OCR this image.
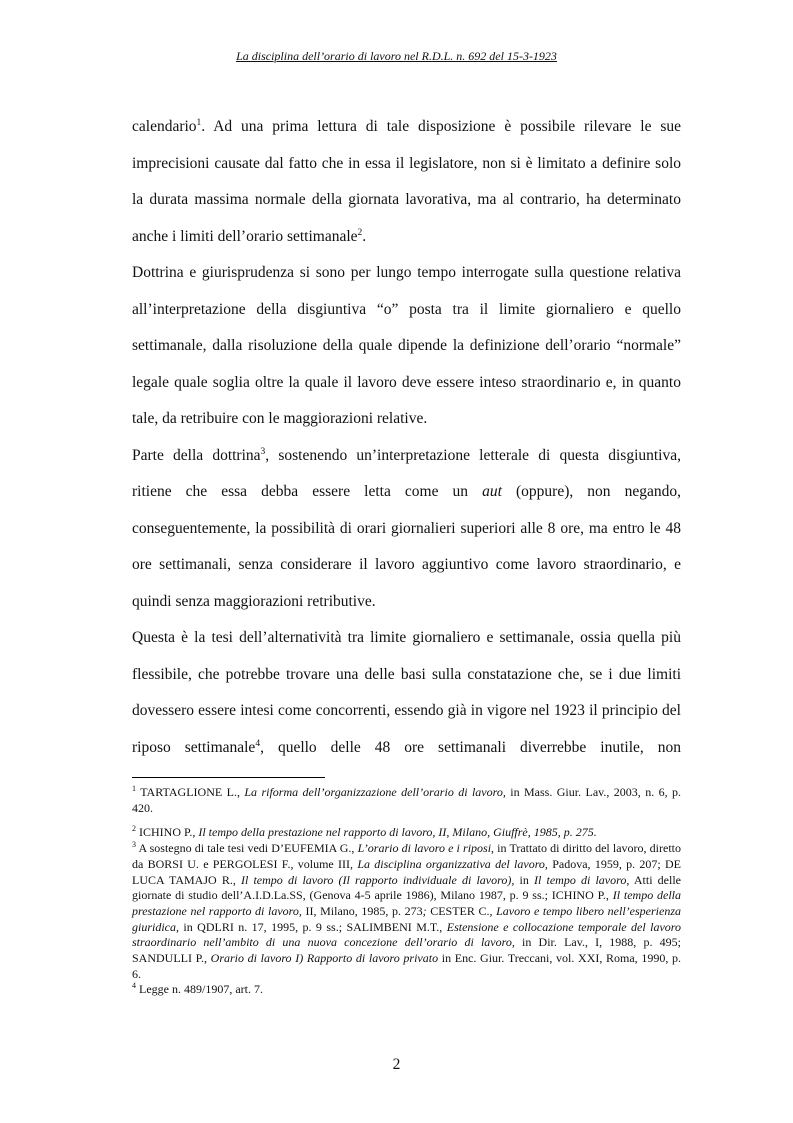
La disciplina dell’orario di lavoro nel R.D.L. n. 692 del 15-3-1923

calendario$^1$. Ad una prima lettura di tale disposizione è possibile rilevare le sue imprecisioni causate dal fatto che in essa il legislatore, non si è limitato a definire solo la durata massima normale della giornata lavorativa, ma al contrario, ha determinato anche i limiti dell’orario settimanale$^2$.

Dottrina e giurisprudenza si sono per lungo tempo interrogate sulla questione relativa all’interpretazione della disgiuntiva “o” posta tra il limite giornaliero e quello settimanale, dalla risoluzione della quale dipende la definizione dell’orario “normale” legale quale soglia oltre la quale il lavoro deve essere inteso straordinario e, in quanto tale, da retribuire con le maggiorazioni relative.

Parte della dottrina$^3$, sostenendo un’interpretazione letterale di questa disgiuntiva, ritiene che essa debba essere letta come un aut (oppure), non negando, conseguentemente, la possibilità di orari giornalieri superiori alle 8 ore, ma entro le 48 ore settimanali, senza considerare il lavoro aggiuntivo come lavoro straordinario, e quindi senza maggiorazioni retributive.

Questa è la tesi dell’alternatività tra limite giornaliero e settimanale, ossia quella più flessibile, che potrebbe trovare una delle basi sulla constatazione che, se i due limiti dovessero essere intesi come concorrenti, essendo già in vigore nel 1923 il principio del riposo settimanale$^4$, quello delle 48 ore settimanali diverrebbe inutile, non

$^1$ TARTAGLIONE L., La riforma dell’organizzazione dell’orario di lavoro, in Mass. Giur. Lav., 2003, n. 6, p. 420.

$^2$ ICHINO P., Il tempo della prestazione nel rapporto di lavoro, II, Milano, Giuffrè, 1985, p. 275.

$^3$ A sostegno di tale tesi vedi D’EUFEMIA G., L’orario di lavoro e i riposi, in Trattato di diritto del lavoro, diretto da BORSI U. e PERGOLESI F., volume III, La disciplina organizzativa del lavoro, Padova, 1959, p. 207; DE LUCA TAMAJO R., Il tempo di lavoro (Il rapporto individuale di lavoro), in Il tempo di lavoro, Atti delle giornate di studio dell’A.I.D.La.SS, (Genova 4-5 aprile 1986), Milano 1987, p. 9 ss.; ICHINO P., Il tempo della prestazione nel rapporto di lavoro, II, Milano, 1985, p. 273; CESTER C., Lavoro e tempo libero nell’esperienza giuridica, in QDLRI n. 17, 1995, p. 9 ss.; SALIMBENI M.T., Estensione e collocazione temporale del lavoro straordinario nell’ambito di una nuova concezione dell’orario di lavoro, in Dir. Lav., I, 1988, p. 495; SANDULLI P., Orario di lavoro I) Rapporto di lavoro privato in Enc. Giur. Treccani, vol. XXI, Roma, 1990, p. 6.

$^4$ Legge n. 489/1907, art. 7.

2
